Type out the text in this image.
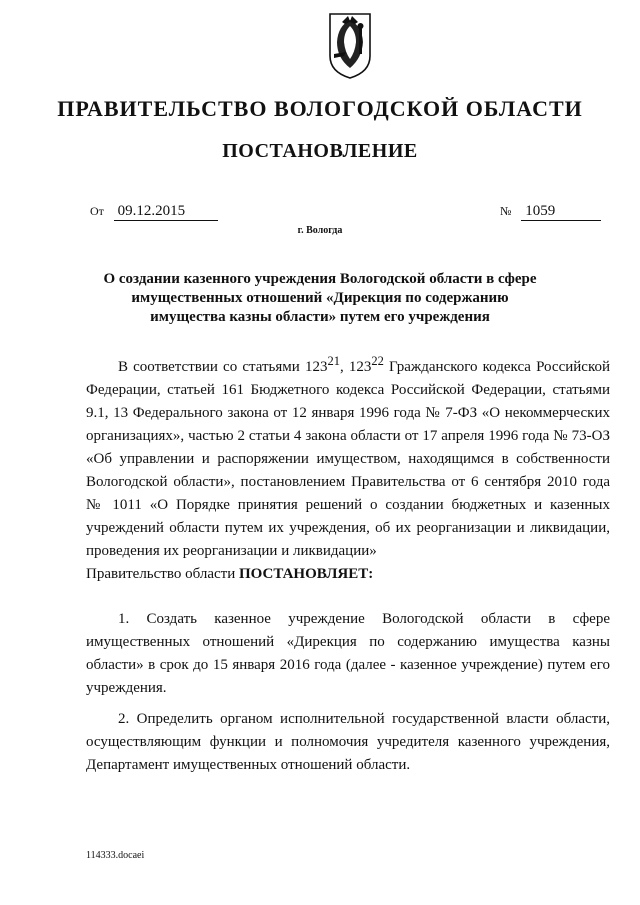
ПРАВИТЕЛЬСТВО ВОЛОГОДСКОЙ ОБЛАСТИ
ПОСТАНОВЛЕНИЕ
От 09.12.2015	№ 1059
г. Вологда
О создании казенного учреждения Вологодской области в сфере
имущественных отношений «Дирекция по содержанию
имущества казны области» путем его учреждения

В соответствии со статьями $123^{21}$, $123^{22}$ Гражданского кодекса Российской Федерации, статьей 161 Бюджетного кодекса Российской Федерации, статьями 9.1, 13 Федерального закона от 12 января 1996 года № 7-ФЗ «О некоммерческих организациях», частью 2 статьи 4 закона области от 17 апреля 1996 года № 73-ОЗ «Об управлении и распоряжении имуществом, находящимся в собственности Вологодской области», постановлением Правительства от 6 сентября 2010 года № 1011 «О Порядке принятия решений о создании бюджетных и казенных учреждений области путем их учреждения, об их реорганизации и ликвидации, проведения их реорганизации и ликвидации»

Правительство области ПОСТАНОВЛЯЕТ:

1. Создать казенное учреждение Вологодской области в сфере имущественных отношений «Дирекция по содержанию имущества казны области» в срок до 15 января 2016 года (далее - казенное учреждение) путем его учреждения.

2. Определить органом исполнительной государственной власти области, осуществляющим функции и полномочия учредителя казенного учреждения, Департамент имущественных отношений области.

114333.docaei
